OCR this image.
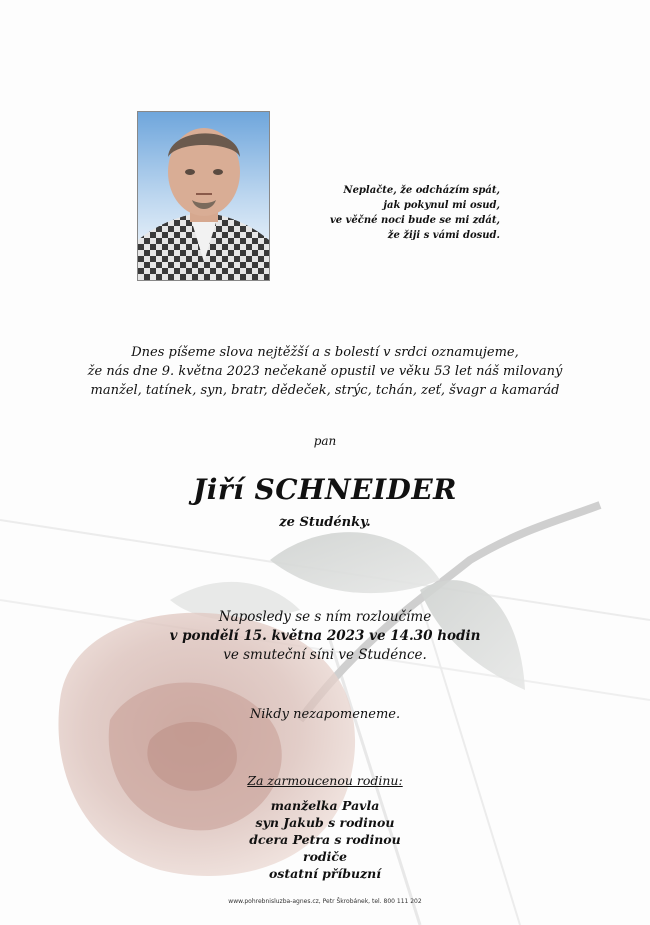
Neplačte, že odcházím spát,
jak pokynul mi osud,
ve věčné noci bude se mi zdát,
že žiji s vámi dosud.
Dnes píšeme slova nejtěžší a s bolestí v srdci oznamujeme,
že nás dne 9. května 2023 nečekaně opustil ve věku 53 let náš milovaný
manžel, tatínek, syn, bratr, dědeček, strýc, tchán, zeť, švagr a kamarád
pan
Jiří SCHNEIDER
ze Studénky.
Naposledy se s ním rozloučíme
v pondělí 15. května 2023 ve 14.30 hodin
ve smuteční síni ve Studénce.
Nikdy nezapomeneme.
Za zarmoucenou rodinu:
manželka Pavla
syn Jakub s rodinou
dcera Petra s rodinou
rodiče
ostatní příbuzní
www.pohrebnisluzba-agnes.cz, Petr Škrobánek, tel. 800 111 202
